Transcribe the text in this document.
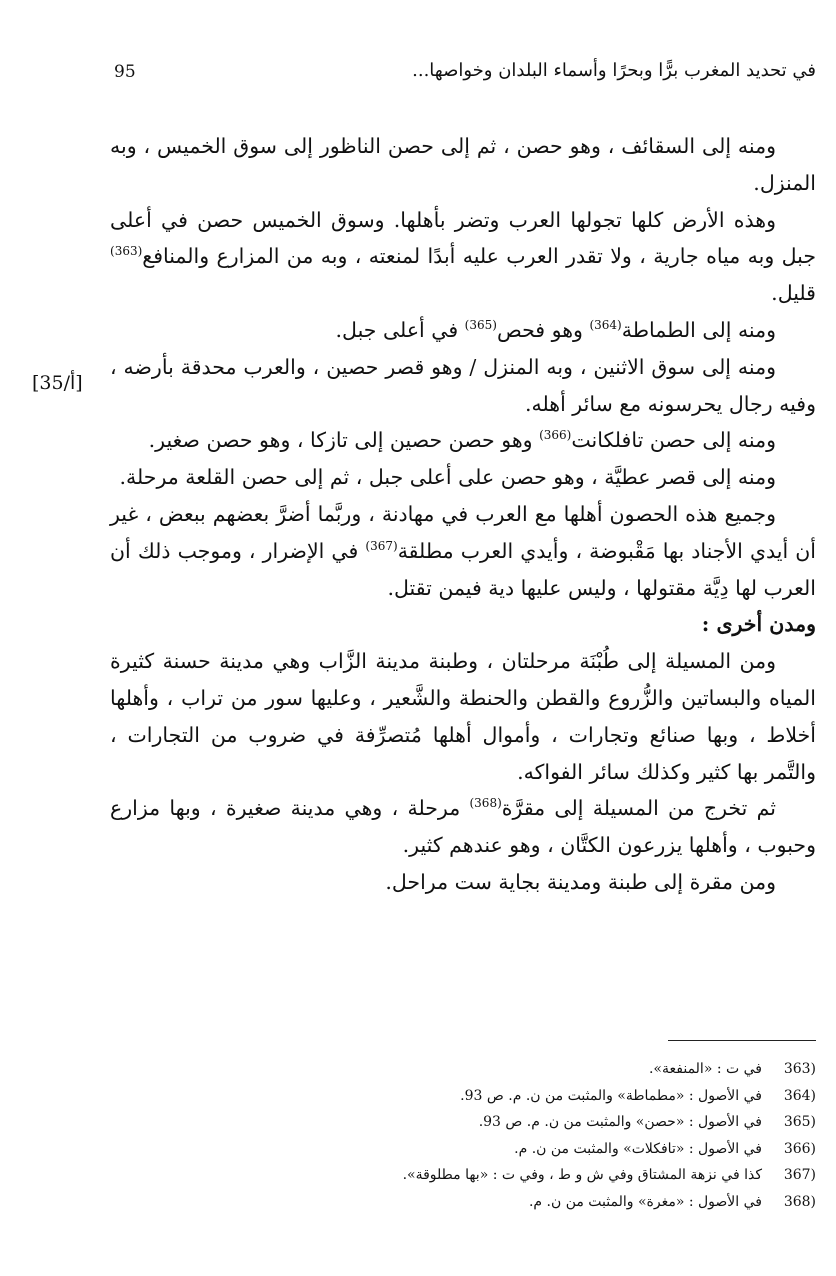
95	في تحديد المغرب برًّا وبحرًا وأسماء البلدان وخواصها...
[35/أ]

ومنه إلى السقائف ، وهو حصن ، ثم إلى حصن الناظور إلى سوق الخميس ، وبه المنزل.

وهذه الأرض كلها تجولها العرب وتضر بأهلها. وسوق الخميس حصن في أعلى جبل وبه مياه جارية ، ولا تقدر العرب عليه أبدًا لمنعته ، وبه من المزارع والمنافع$^{(363)}$ قليل.

ومنه إلى الطماطة$^{(364)}$ وهو فحص$^{(365)}$ في أعلى جبل.

ومنه إلى سوق الاثنين ، وبه المنزل / وهو قصر حصين ، والعرب محدقة بأرضه ، وفيه رجال يحرسونه مع سائر أهله.

ومنه إلى حصن تافلكانت$^{(366)}$ وهو حصن حصين إلى تازكا ، وهو حصن صغير.

ومنه إلى قصر عطيَّة ، وهو حصن على أعلى جبل ، ثم إلى حصن القلعة مرحلة.

وجميع هذه الحصون أهلها مع العرب في مهادنة ، وربَّما أضرَّ بعضهم ببعض ، غير أن أيدي الأجناد بها مَقْبوضة ، وأيدي العرب مطلقة$^{(367)}$ في الإضرار ، وموجب ذلك أن العرب لها دِيَّة مقتولها ، وليس عليها دية فيمن تقتل.

ومدن أخرى :

ومن المسيلة إلى طُبْنَة مرحلتان ، وطبنة مدينة الزَّاب وهي مدينة حسنة كثيرة المياه والبساتين والزُّروع والقطن والحنطة والشَّعير ، وعليها سور من تراب ، وأهلها أخلاط ، وبها صنائع وتجارات ، وأموال أهلها مُتصرِّفة في ضروب من التجارات ، والتَّمر بها كثير وكذلك سائر الفواكه.

ثم تخرج من المسيلة إلى مقرَّة$^{(368)}$ مرحلة ، وهي مدينة صغيرة ، وبها مزارع وحبوب ، وأهلها يزرعون الكتَّان ، وهو عندهم كثير.

ومن مقرة إلى طبنة ومدينة بجاية ست مراحل.

363)في ت : «المنفعة».
364)في الأصول : «مطماطة» والمثبت من ن. م. ص 93.
365)في الأصول : «حصن» والمثبت من ن. م. ص 93.
366)في الأصول : «تافكلات» والمثبت من ن. م.
367)كذا في نزهة المشتاق وفي ش و ط ، وفي ت : «بها مطلوقة».
368)في الأصول : «مغرة» والمثبت من ن. م.
